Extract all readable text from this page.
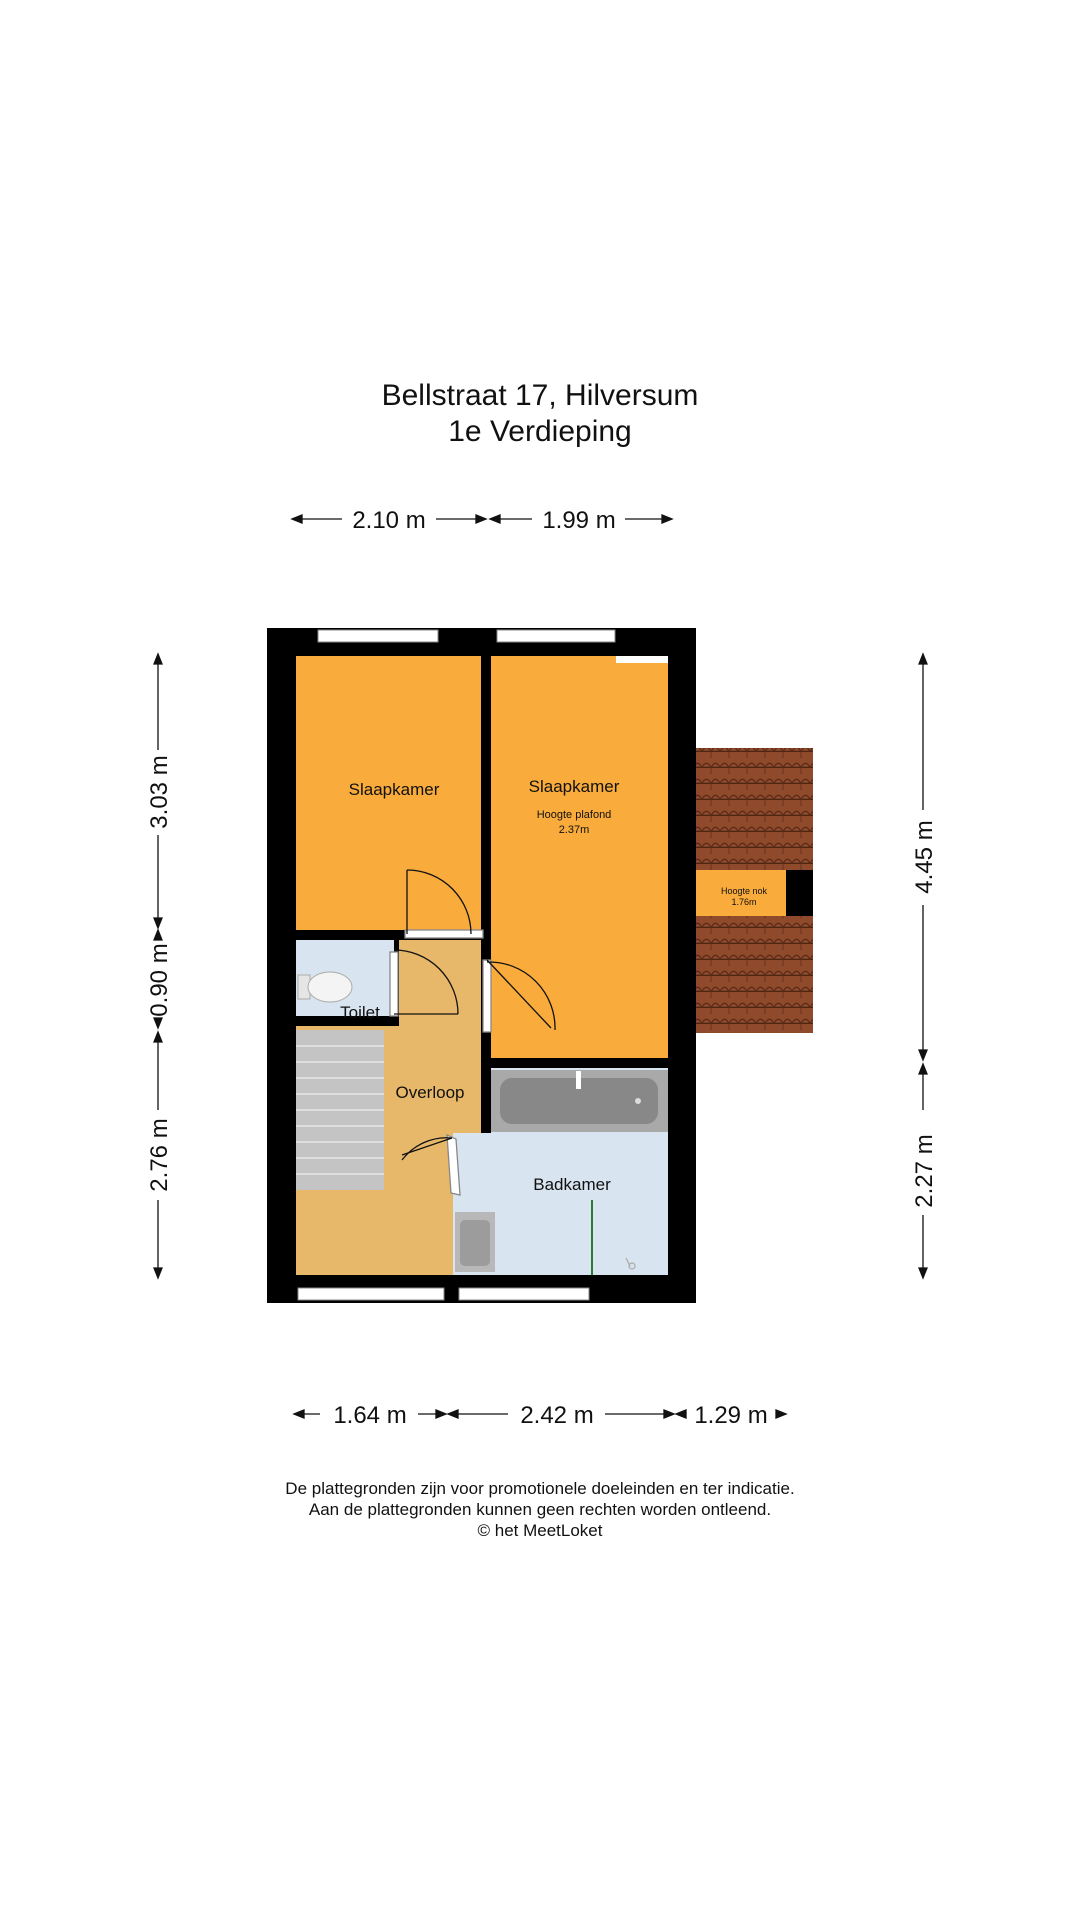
Bellstraat 17, Hilversum
1e Verdieping
2.10 m	1.99 m
1.64 m	2.42 m	1.29 m
3.03 m
0.90 m
2.76 m
4.45 m
2.27 m
Slaapkamer	Slaapkamer
Hoogte plafond
2.37m
Hoogte nok
1.76m
Toilet
Overloop
Badkamer
De plattegronden zijn voor promotionele doeleinden en ter indicatie.
Aan de plattegronden kunnen geen rechten worden ontleend.
© het MeetLoket
